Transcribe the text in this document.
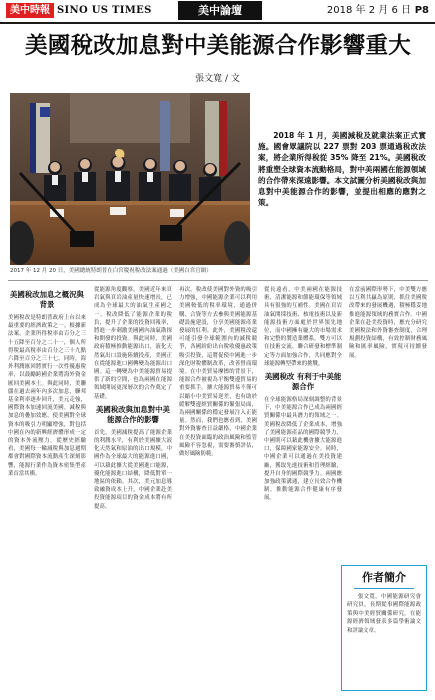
美中時報 SINO US TIMES	美中論壇	2018 年 2 月 6 日 P8
美國稅改加息對中美能源合作影響重大
張文寬 / 文
2017 年 12 月 20 日，美國總統特朗普在白宮慶祝稅改法案通過（美國白宮官網）
2018 年 1 月，美國減稅及就業法案正式實施。國會眾議院以 227 票對 203 票通過稅改法案，將企業所得稅從 35% 降至 21%。美國稅改將重塑全球資本流動格局，對中美兩國在能源領域的合作帶來深遠影響。本文試圖分析美國稅改與加息對中美能源合作的影響，並提出相應的應對之策。
美國稅改加息之概況與背景
美國稅改是特朗普政府上台以來最重要的經濟政策之一。根據新法案，企業所得稅率由百分之三十五降至百分之二十一，個人所得稅最高稅率由百分之三十九點六降至百分之三十七。同時，海外利潤匯回將實行一次性優惠稅率，以鼓勵跨國企業將海外資金匯回美國本土。與此同時，美聯儲在過去兩年內多次加息，聯邦基金利率逐步回升，美元走強，國際資本加速回流美國。減稅與加息的疊加效應，使美國對全球資本的吸引力明顯增強，對包括中國在內的新興經濟體形成一定的資本外流壓力。從歷史經驗看，美國每一輪減稅與加息週期都會對國際資本流動產生深刻影響，能源行業作為資本密集型產業首當其衝。
從能源角度觀察，美國近年來頁岩氣與頁岩油產量快速增長，已成為全球最大的油氣生產國之一。稅改降低了能源企業的稅負，提升了企業的投資回報率，將進一步刺激美國國內油氣勘探和開發的投資。與此同時，美國政府積極推動能源出口，液化天然氣出口設施陸續投產，美國正在從能源進口國轉變為能源出口國。這一轉變為中美能源貿易提供了新的空間，也為兩國在能源領域開展更深層次的合作奠定了基礎。
美國稅改與加息對中美能源合作的影響
首先，美國減稅提高了能源企業的利潤水平，有利於美國擴大液化天然氣和原油的出口規模，中國作為全球最大的能源進口國，可以藉此擴大從美國進口能源，優化能源進口結構，降低對單一地區的依賴。其次，美元加息導致融資成本上升，中國企業赴美投資能源項目的資金成本將有所提高。
再次，稅改使美國對外資的吸引力增強，中國能源企業可以利用美國較低的稅率環境，通過併購、合資等方式參與美國能源基礎設施建設，分享美國能源產業發展的紅利。此外，美國稅改還可能引發全球範圍內的減稅競爭，各國紛紛出台稅收優惠政策吸引投資，這將促使中國進一步深化財稅體制改革，改善營商環境。在中美貿易摩擦的背景下，能源合作被視為平衡雙邊貿易的重要抓手。擴大能源貿易不僅可以縮小中美貿易逆差，也有助於緩解雙邊經貿關係的緊張局面，為兩國關係的穩定發展注入正能量。然而，我們也應看到，美國對外資審查日益嚴格，中國企業在美投資面臨的政治風險和監管風險不容忽視，需要審慎評估，做好風險防範。
從長遠看，中美兩國在能源技術、清潔能源和節能環保等領域具有很強的互補性。美國在頁岩油氣開採技術、核電技術以及新能源技術方面處於世界領先地位，而中國擁有龐大的市場需求和完整的製造業體系。雙方可以在技術交流、聯合研發和標準制定等方面加強合作，共同應對全球能源轉型帶來的挑戰。
美國稅改 有利于中美能源合作
在全球能源格局深刻調整的背景下，中美能源合作已成為兩國經貿關係中最具潛力的領域之一。美國稅改降低了企業成本，增強了美國能源產品的國際競爭力，中國則可以藉此機會擴大能源進口，保障國家能源安全。同時，中國企業可以通過在美投資建廠，獲取先進技術和管理經驗，提升自身的國際競爭力。兩國應加強政策溝通，建立長效合作機制，推動能源合作健康有序發展。
在當前國際形勢下，中美雙方應以互利共贏為原則，抓住美國稅改帶來的發展機遇，積極穩妥地推進能源領域的務實合作。中國企業在赴美投資時，應充分研究美國稅法和外資審查制度，合理規劃投資結構，有效控制財務風險和匯率風險，實現可持續發展。
作者簡介
張文寬，中國能源研究會研究員，長期從事國際能源政策與中美經貿關係研究，在能源經濟領域發表多篇學術論文和評論文章。
